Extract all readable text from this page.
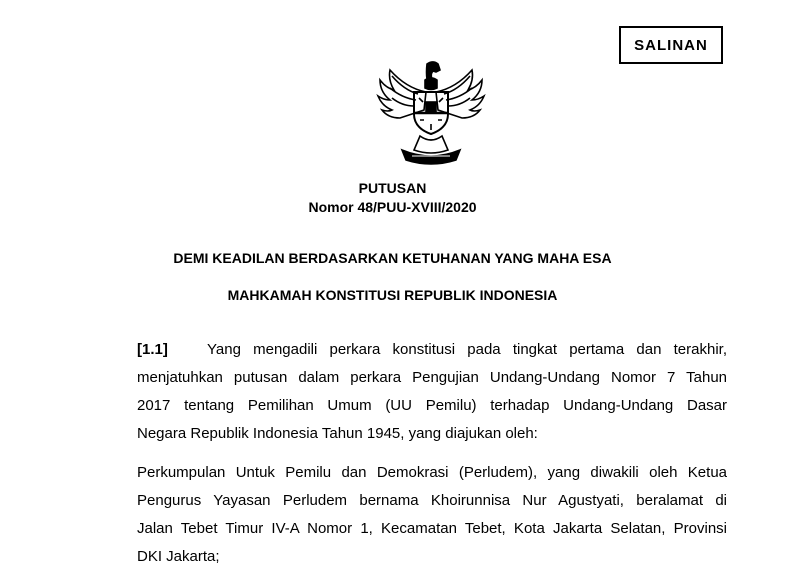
SALINAN
PUTUSAN
Nomor 48/PUU-XVIII/2020
DEMI KEADILAN BERDASARKAN KETUHANAN YANG MAHA ESA
MAHKAMAH KONSTITUSI REPUBLIK INDONESIA
[1.1]	Yang mengadili perkara konstitusi pada tingkat pertama dan terakhir,
menjatuhkan putusan dalam perkara Pengujian Undang-Undang Nomor 7 Tahun
2017 tentang Pemilihan Umum (UU Pemilu) terhadap Undang-Undang Dasar
Negara Republik Indonesia Tahun 1945, yang diajukan oleh:
Perkumpulan Untuk Pemilu dan Demokrasi (Perludem), yang diwakili oleh Ketua
Pengurus Yayasan Perludem bernama Khoirunnisa Nur Agustyati, beralamat di
Jalan Tebet Timur IV-A Nomor 1, Kecamatan Tebet, Kota Jakarta Selatan, Provinsi
DKI Jakarta;
